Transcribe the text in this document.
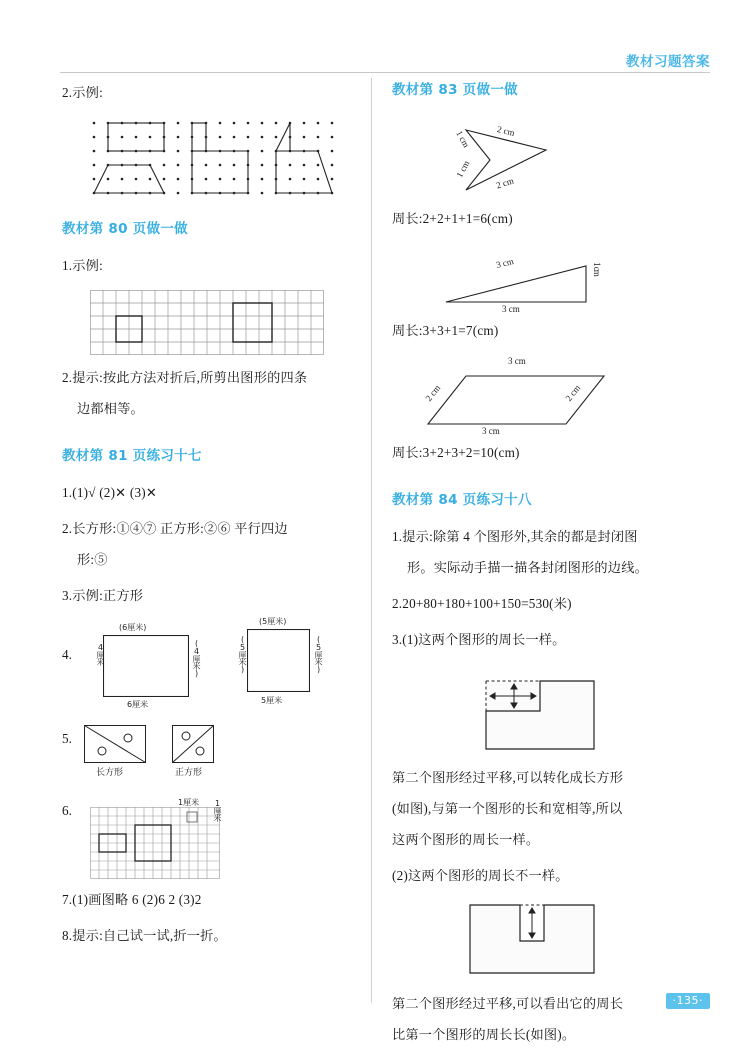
教材习题答案
2.示例:
教材第 80 页做一做
1.示例:
2.提示:按此方法对折后,所剪出图形的四条
边都相等。
教材第 81 页练习十七
1.(1)√ (2)✕ (3)✕
2.长方形:①④⑦ 正方形:②⑥ 平行四边
形:⑤
3.示例:正方形
4.
(6厘米)
4厘米	(4厘米)
6厘米
(5厘米)
(5厘米)	(5厘米)
5厘米
5.
长方形	正方形
6.
1厘米 1厘米
7.(1)画图略 6 (2)6 2 (3)2
8.提示:自己试一试,折一折。
教材第 83 页做一做
2 cm
1 cm
1 cm
2 cm
周长:2+2+1+1=6(cm)
3 cm	1 cm
3 cm
周长:3+3+1=7(cm)
3 cm
2 cm	2 cm
3 cm
周长:3+2+3+2=10(cm)
教材第 84 页练习十八
1.提示:除第 4 个图形外,其余的都是封闭图
形。实际动手描一描各封闭图形的边线。
2.20+80+180+100+150=530(米)
3.(1)这两个图形的周长一样。
第二个图形经过平移,可以转化成长方形
(如图),与第一个图形的长和宽相等,所以
这两个图形的周长一样。
(2)这两个图形的周长不一样。
第二个图形经过平移,可以看出它的周长
比第一个图形的周长长(如图)。
·135·
